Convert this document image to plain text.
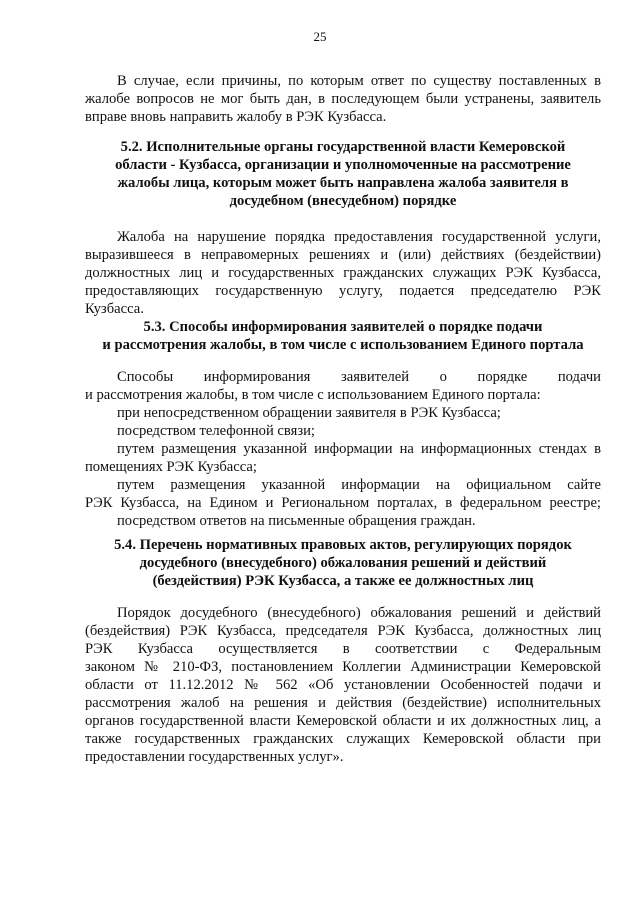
25
В случае, если причины, по которым ответ по существу поставленных в
жалобе вопросов не мог быть дан, в последующем были устранены, заявитель
вправе вновь направить жалобу в РЭК Кузбасса.
5.2. Исполнительные органы государственной власти Кемеровской
области - Кузбасса, организации и уполномоченные на рассмотрение
жалобы лица, которым может быть направлена жалоба заявителя в
досудебном (внесудебном) порядке
Жалоба на нарушение порядка предоставления государственной услуги,
выразившееся в неправомерных решениях и (или) действиях (бездействии)
должностных лиц и государственных гражданских служащих РЭК Кузбасса,
предоставляющих государственную услугу, подается председателю РЭК
Кузбасса.
5.3. Способы информирования заявителей о порядке подачи
и рассмотрения жалобы, в том числе с использованием Единого портала
Способы информирования заявителей о порядке подачи
и рассмотрения жалобы, в том числе с использованием Единого портала:
при непосредственном обращении заявителя в РЭК Кузбасса;
посредством телефонной связи;
путем размещения указанной информации на информационных стендах в
помещениях РЭК Кузбасса;
путем размещения указанной информации на официальном сайте
РЭК Кузбасса, на Едином и Региональном порталах, в федеральном реестре;
посредством ответов на письменные обращения граждан.
5.4. Перечень нормативных правовых актов, регулирующих порядок
досудебного (внесудебного) обжалования решений и действий
(бездействия) РЭК Кузбасса, а также ее должностных лиц
Порядок досудебного (внесудебного) обжалования решений и действий
(бездействия) РЭК Кузбасса, председателя РЭК Кузбасса, должностных лиц
РЭК Кузбасса осуществляется в соответствии с Федеральным
законом № 210-ФЗ, постановлением Коллегии Администрации Кемеровской
области от 11.12.2012 № 562 «Об установлении Особенностей подачи и
рассмотрения жалоб на решения и действия (бездействие) исполнительных
органов государственной власти Кемеровской области и их должностных лиц, а
также государственных гражданских служащих Кемеровской области при
предоставлении государственных услуг».
